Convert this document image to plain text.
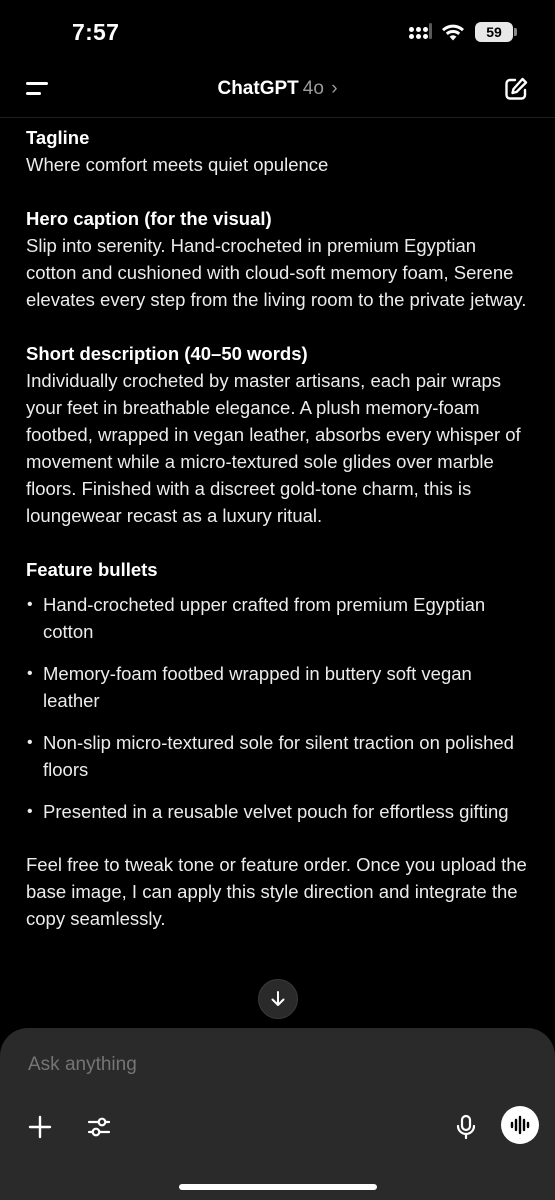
7:57	59
ChatGPT 4o ›
Tagline

Where comfort meets quiet opulence

Hero caption (for the visual)

Slip into serenity. Hand-crocheted in premium Egyptian cotton and cushioned with cloud-soft memory foam, Serene elevates every step from the living room to the private jetway.

Short description (40–50 words)

Individually crocheted by master artisans, each pair wraps your feet in breathable elegance. A plush memory-foam footbed, wrapped in vegan leather, absorbs every whisper of movement while a micro-textured sole glides over marble floors. Finished with a discreet gold-tone charm, this is loungewear recast as a luxury ritual.

Feature bullets
• Hand-crocheted upper crafted from premium Egyptian cotton
• Memory-foam footbed wrapped in buttery soft vegan leather
• Non-slip micro-textured sole for silent traction on polished floors
• Presented in a reusable velvet pouch for effortless gifting

Feel free to tweak tone or feature order. Once you upload the base image, I can apply this style direction and integrate the copy seamlessly.

Ask anything
